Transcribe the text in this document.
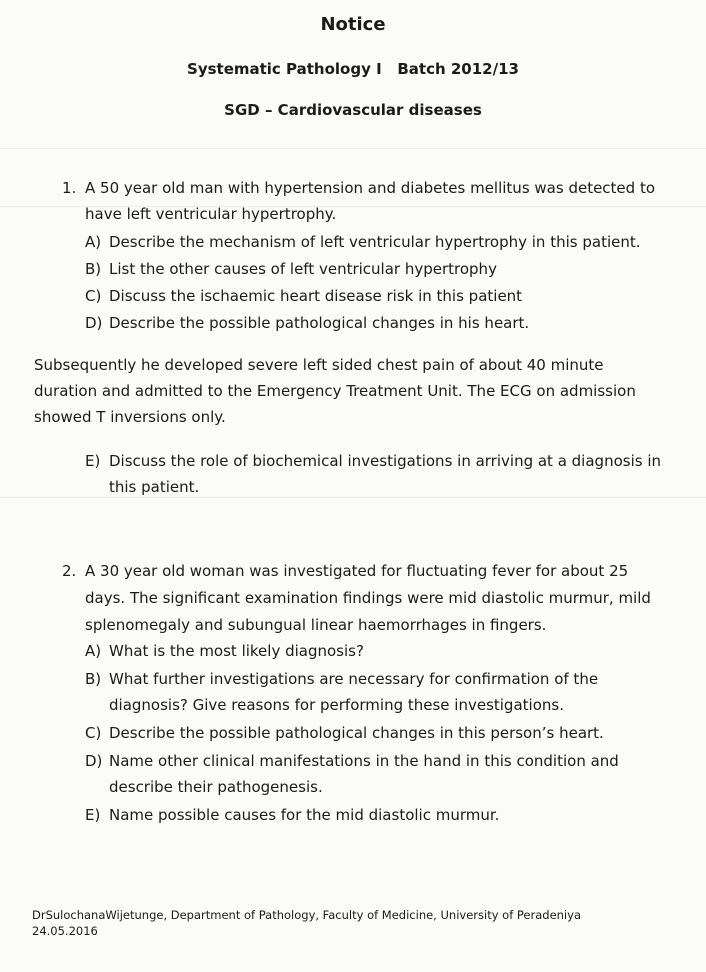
Notice
Systematic Pathology I   Batch 2012/13
SGD – Cardiovascular diseases
1. A 50 year old man with hypertension and diabetes mellitus was detected to
have left ventricular hypertrophy.
A) Describe the mechanism of left ventricular hypertrophy in this patient.
B) List the other causes of left ventricular hypertrophy
C) Discuss the ischaemic heart disease risk in this patient
D) Describe the possible pathological changes in his heart.
Subsequently he developed severe left sided chest pain of about 40 minute
duration and admitted to the Emergency Treatment Unit. The ECG on admission
showed T inversions only.
E) Discuss the role of biochemical investigations in arriving at a diagnosis in
this patient.
2. A 30 year old woman was investigated for fluctuating fever for about 25
days. The significant examination findings were mid diastolic murmur, mild
splenomegaly and subungual linear haemorrhages in fingers.
A) What is the most likely diagnosis?
B) What further investigations are necessary for confirmation of the
diagnosis? Give reasons for performing these investigations.
C) Describe the possible pathological changes in this person’s heart.
D) Name other clinical manifestations in the hand in this condition and
describe their pathogenesis.
E) Name possible causes for the mid diastolic murmur.
DrSulochanaWijetunge, Department of Pathology, Faculty of Medicine, University of Peradeniya
24.05.2016
